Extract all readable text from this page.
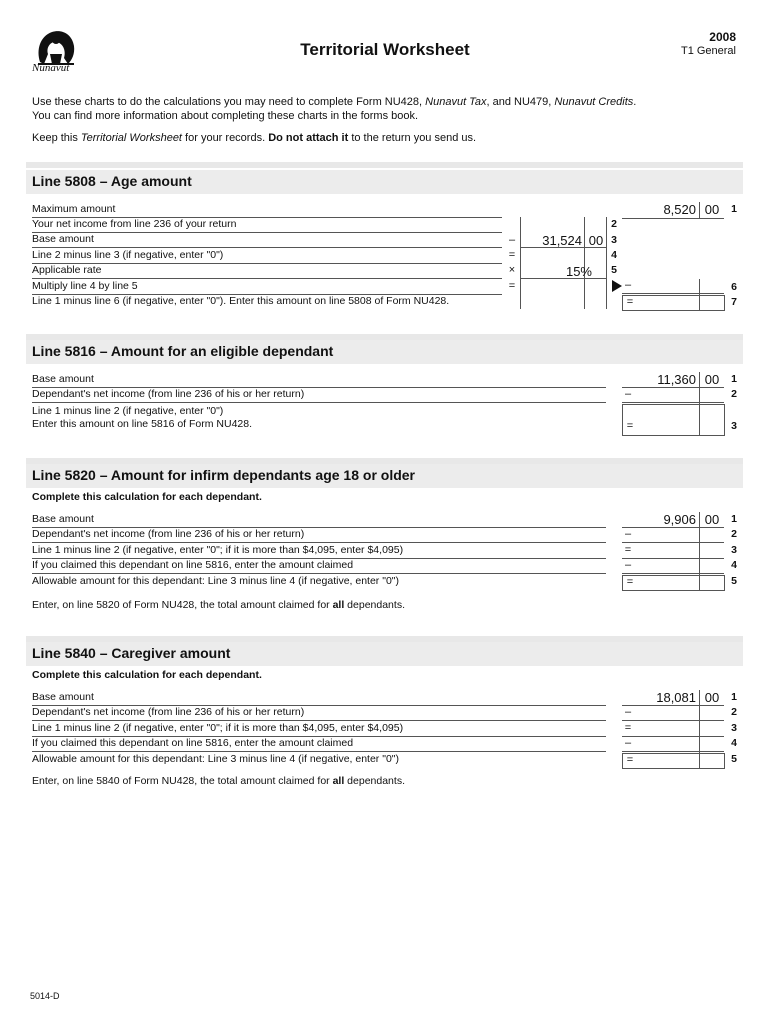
Nunavut
Territorial Worksheet
2008
T1 General
Use these charts to do the calculations you may need to complete Form NU428, Nunavut Tax, and NU479, Nunavut Credits.
You can find more information about completing these charts in the forms book.
Keep this Territorial Worksheet for your records. Do not attach it to the return you send us.
Line 5808 – Age amount
Maximum amount
Your net income from line 236 of your return
Base amount
Line 2 minus line 3 (if negative, enter "0")
Applicable rate
Multiply line 4 by line 5
Line 1 minus line 6 (if negative, enter "0"). Enter this amount on line 5808 of Form NU428.
–
=
×
=
31,524 00
15%
2
3
4
5
8,520 00
–
=
1
6
7
Line 5816 – Amount for an eligible dependant
Base amount
Dependant's net income (from line 236 of his or her return)
Line 1 minus line 2 (if negative, enter "0")
Enter this amount on line 5816 of Form NU428.
11,360 00
–
=
1
2
3
Line 5820 – Amount for infirm dependants age 18 or older
Complete this calculation for each dependant.
Base amount
Dependant's net income (from line 236 of his or her return)
Line 1 minus line 2 (if negative, enter "0"; if it is more than $4,095, enter $4,095)
If you claimed this dependant on line 5816, enter the amount claimed
Allowable amount for this dependant: Line 3 minus line 4 (if negative, enter "0")
9,906 00
–
=
–
=
1
2
3
4
5
Enter, on line 5820 of Form NU428, the total amount claimed for all dependants.
Line 5840 – Caregiver amount
Complete this calculation for each dependant.
Base amount
Dependant's net income (from line 236 of his or her return)
Line 1 minus line 2 (if negative, enter "0"; if it is more than $4,095, enter $4,095)
If you claimed this dependant on line 5816, enter the amount claimed
Allowable amount for this dependant: Line 3 minus line 4 (if negative, enter "0")
18,081 00
–
=
–
=
1
2
3
4
5
Enter, on line 5840 of Form NU428, the total amount claimed for all dependants.
5014-D
